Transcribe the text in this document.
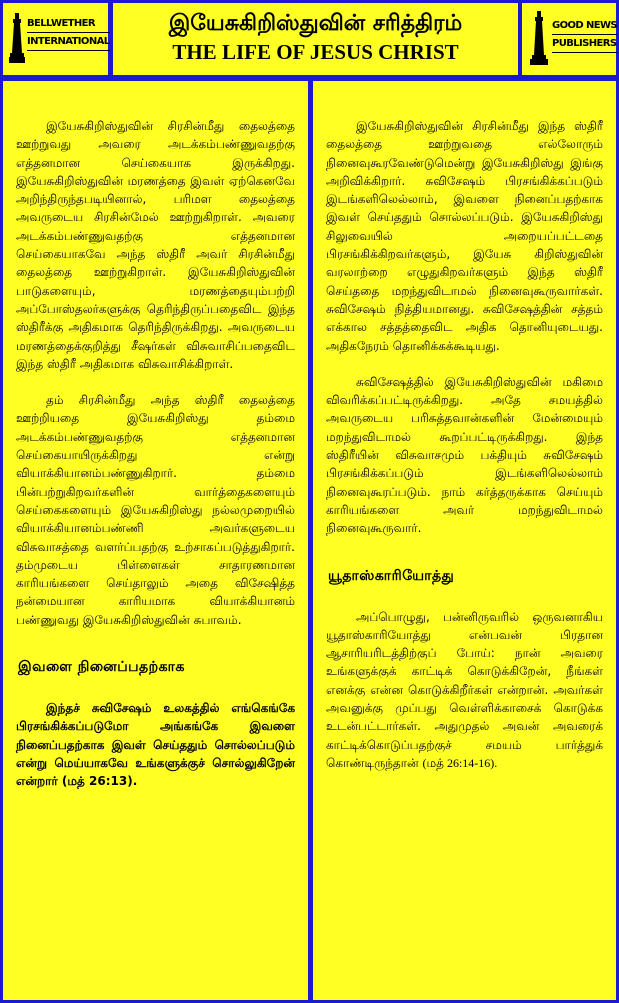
BELLWETHER
INTERNATIONAL
இயேசுகிறிஸ்துவின் சரித்திரம்
THE LIFE OF JESUS CHRIST
GOOD NEWS
PUBLISHERS

இயேசுகிறிஸ்துவின் சிரசின்மீது தைலத்தை ஊற்றுவது அவரை அடக்கம்பண்ணுவதற்கு எத்தனமான செய்கையாக இருக்கிறது. இயேசுகிறிஸ்துவின் மரணத்தை இவள் ஏற்கெனவே அறிந்திருந்தபடியினால், பரிமள தைலத்தை அவருடைய சிரசின்மேல் ஊற்றுகிறாள். அவரை அடக்கம்பண்ணுவதற்கு எத்தனமான செய்கையாகவே அந்த ஸ்திரீ அவர் சிரசின்மீது தைலத்தை ஊற்றுகிறாள். இயேசுகிறிஸ்துவின் பாடுகளையும், மரணத்தையும்பற்றி அப்போஸ்தலர்களுக்கு தெரிந்திருப்பதைவிட இந்த ஸ்திரீக்கு அதிகமாக தெரிந்திருக்கிறது. அவருடைய மரணத்தைக்குறித்து சீஷர்கள் விசுவாசிப்பதைவிட இந்த ஸ்திரீ அதிகமாக விசுவாசிக்கிறாள்.

தம் சிரசின்மீது அந்த ஸ்திரீ தைலத்தை ஊற்றியதை இயேசுகிறிஸ்து தம்மை அடக்கம்பண்ணுவதற்கு எத்தனமான செய்கையாயிருக்கிறது என்று வியாக்கியானம்பண்ணுகிறார். தம்மை பின்பற்றுகிறவர்களின் வார்த்தைகளையும் செய்கைகளையும் இயேசுகிறிஸ்து நல்லமுறையில் வியாக்கியானம்பண்ணி அவர்களுடைய விசுவாசத்தை வளர்ப்பதற்கு உற்சாகப்படுத்துகிறார். தம்முடைய பிள்ளைகள் சாதாரணமான காரியங்களை செய்தாலும் அதை விசேஷித்த நன்மையான காரியமாக வியாக்கியானம் பண்ணுவது இயேசுகிறிஸ்துவின் சுபாவம்.

இவளை நினைப்பதற்காக

இந்தச் சுவிசேஷம் உலகத்தில் எங்கெங்கே பிரசங்கிக்கப்படுமோ அங்கங்கே இவளை நினைப்பதற்காக இவள் செய்ததும் சொல்லப்படும் என்று மெய்யாகவே உங்களுக்குச் சொல்லுகிறேன் என்றார் (மத் 26:13).

இயேசுகிறிஸ்துவின் சிரசின்மீது இந்த ஸ்திரீ தைலத்தை ஊற்றுவதை எல்லோரும் நினைவுகூரவேண்டுமென்று இயேசுகிறிஸ்து இங்கு அறிவிக்கிறார். சுவிசேஷம் பிரசங்கிக்கப்படும் இடங்களிலெல்லாம், இவளை நினைப்பதற்காக இவள் செய்ததும் சொல்லப்படும். இயேசுகிறிஸ்து சிலுவையில் அறையப்பட்டதை பிரசங்கிக்கிறவர்களும், இயேசு கிறிஸ்துவின் வரலாற்றை எழுதுகிறவர்களும் இந்த ஸ்திரீ செய்ததை மறந்துவிடாமல் நினைவுகூருவார்கள். சுவிசேஷம் நித்தியமானது. சுவிசேஷத்தின் சத்தம் எக்கால சத்தத்தைவிட அதிக தொனியுடையது. அதிகநேரம் தொனிக்கக்கூடியது.

சுவிசேஷத்தில் இயேசுகிறிஸ்துவின் மகிமை விவரிக்கப்பட்டிருக்கிறது. அதே சமயத்தில் அவருடைய பரிசுத்தவான்களின் மேன்மையும் மறந்துவிடாமல் கூறப்பட்டிருக்கிறது. இந்த ஸ்திரீயின் விசுவாசமும் பக்தியும் சுவிசேஷம் பிரசங்கிக்கப்படும் இடங்களிலெல்லாம் நினைவுகூரப்படும். நாம் கர்த்தருக்காக செய்யும் காரியங்களை அவர் மறந்துவிடாமல் நினைவுகூருவார்.

யூதாஸ்காரியோத்து

அப்பொழுது, பன்னிருவரில் ஒருவனாகிய யூதாஸ்காரியோத்து என்பவன் பிரதான ஆசாரியரிடத்திற்குப் போய்: நான் அவரை உங்களுக்குக் காட்டிக் கொடுக்கிறேன், நீங்கள் எனக்கு என்ன கொடுக்கிறீர்கள் என்றான். அவர்கள் அவனுக்கு முப்பது வெள்ளிக்காசைக் கொடுக்க உடன்பட்டார்கள். அதுமுதல் அவன் அவரைக் காட்டிக்கொடுப்பதற்குச் சமயம் பார்த்துக் கொண்டிருந்தான் (மத் 26:14-16).
